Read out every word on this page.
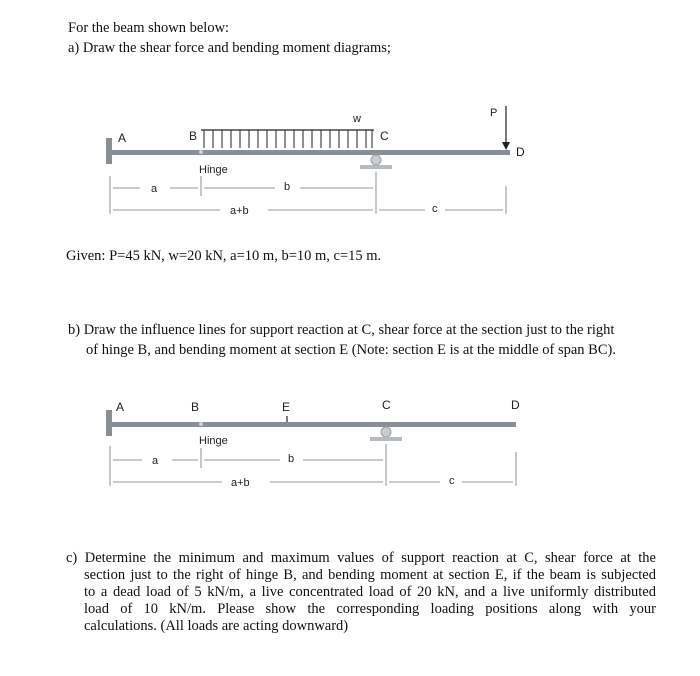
For the beam shown below:
a) Draw the shear force and bending moment diagrams;
Given: P=45 kN, w=20 kN, a=10 m, b=10 m, c=15 m.
b) Draw the influence lines for support reaction at C, shear force at the section just to the right
of hinge B, and bending moment at section E (Note: section E is at the middle of span BC).
c) Determine the minimum and maximum values of support reaction at C, shear force at the
section just to the right of hinge B, and bending moment at section E, if the beam is subjected
to a dead load of 5 kN/m, a live concentrated load of 20 kN, and a live uniformly distributed
load of 10 kN/m. Please show the corresponding loading positions along with your
calculations. (All loads are acting downward)
A	B	C
D
w	P
Hinge
a	b
c
a+b
A	B	E	C	D
Hinge
a	b
c
a+b
